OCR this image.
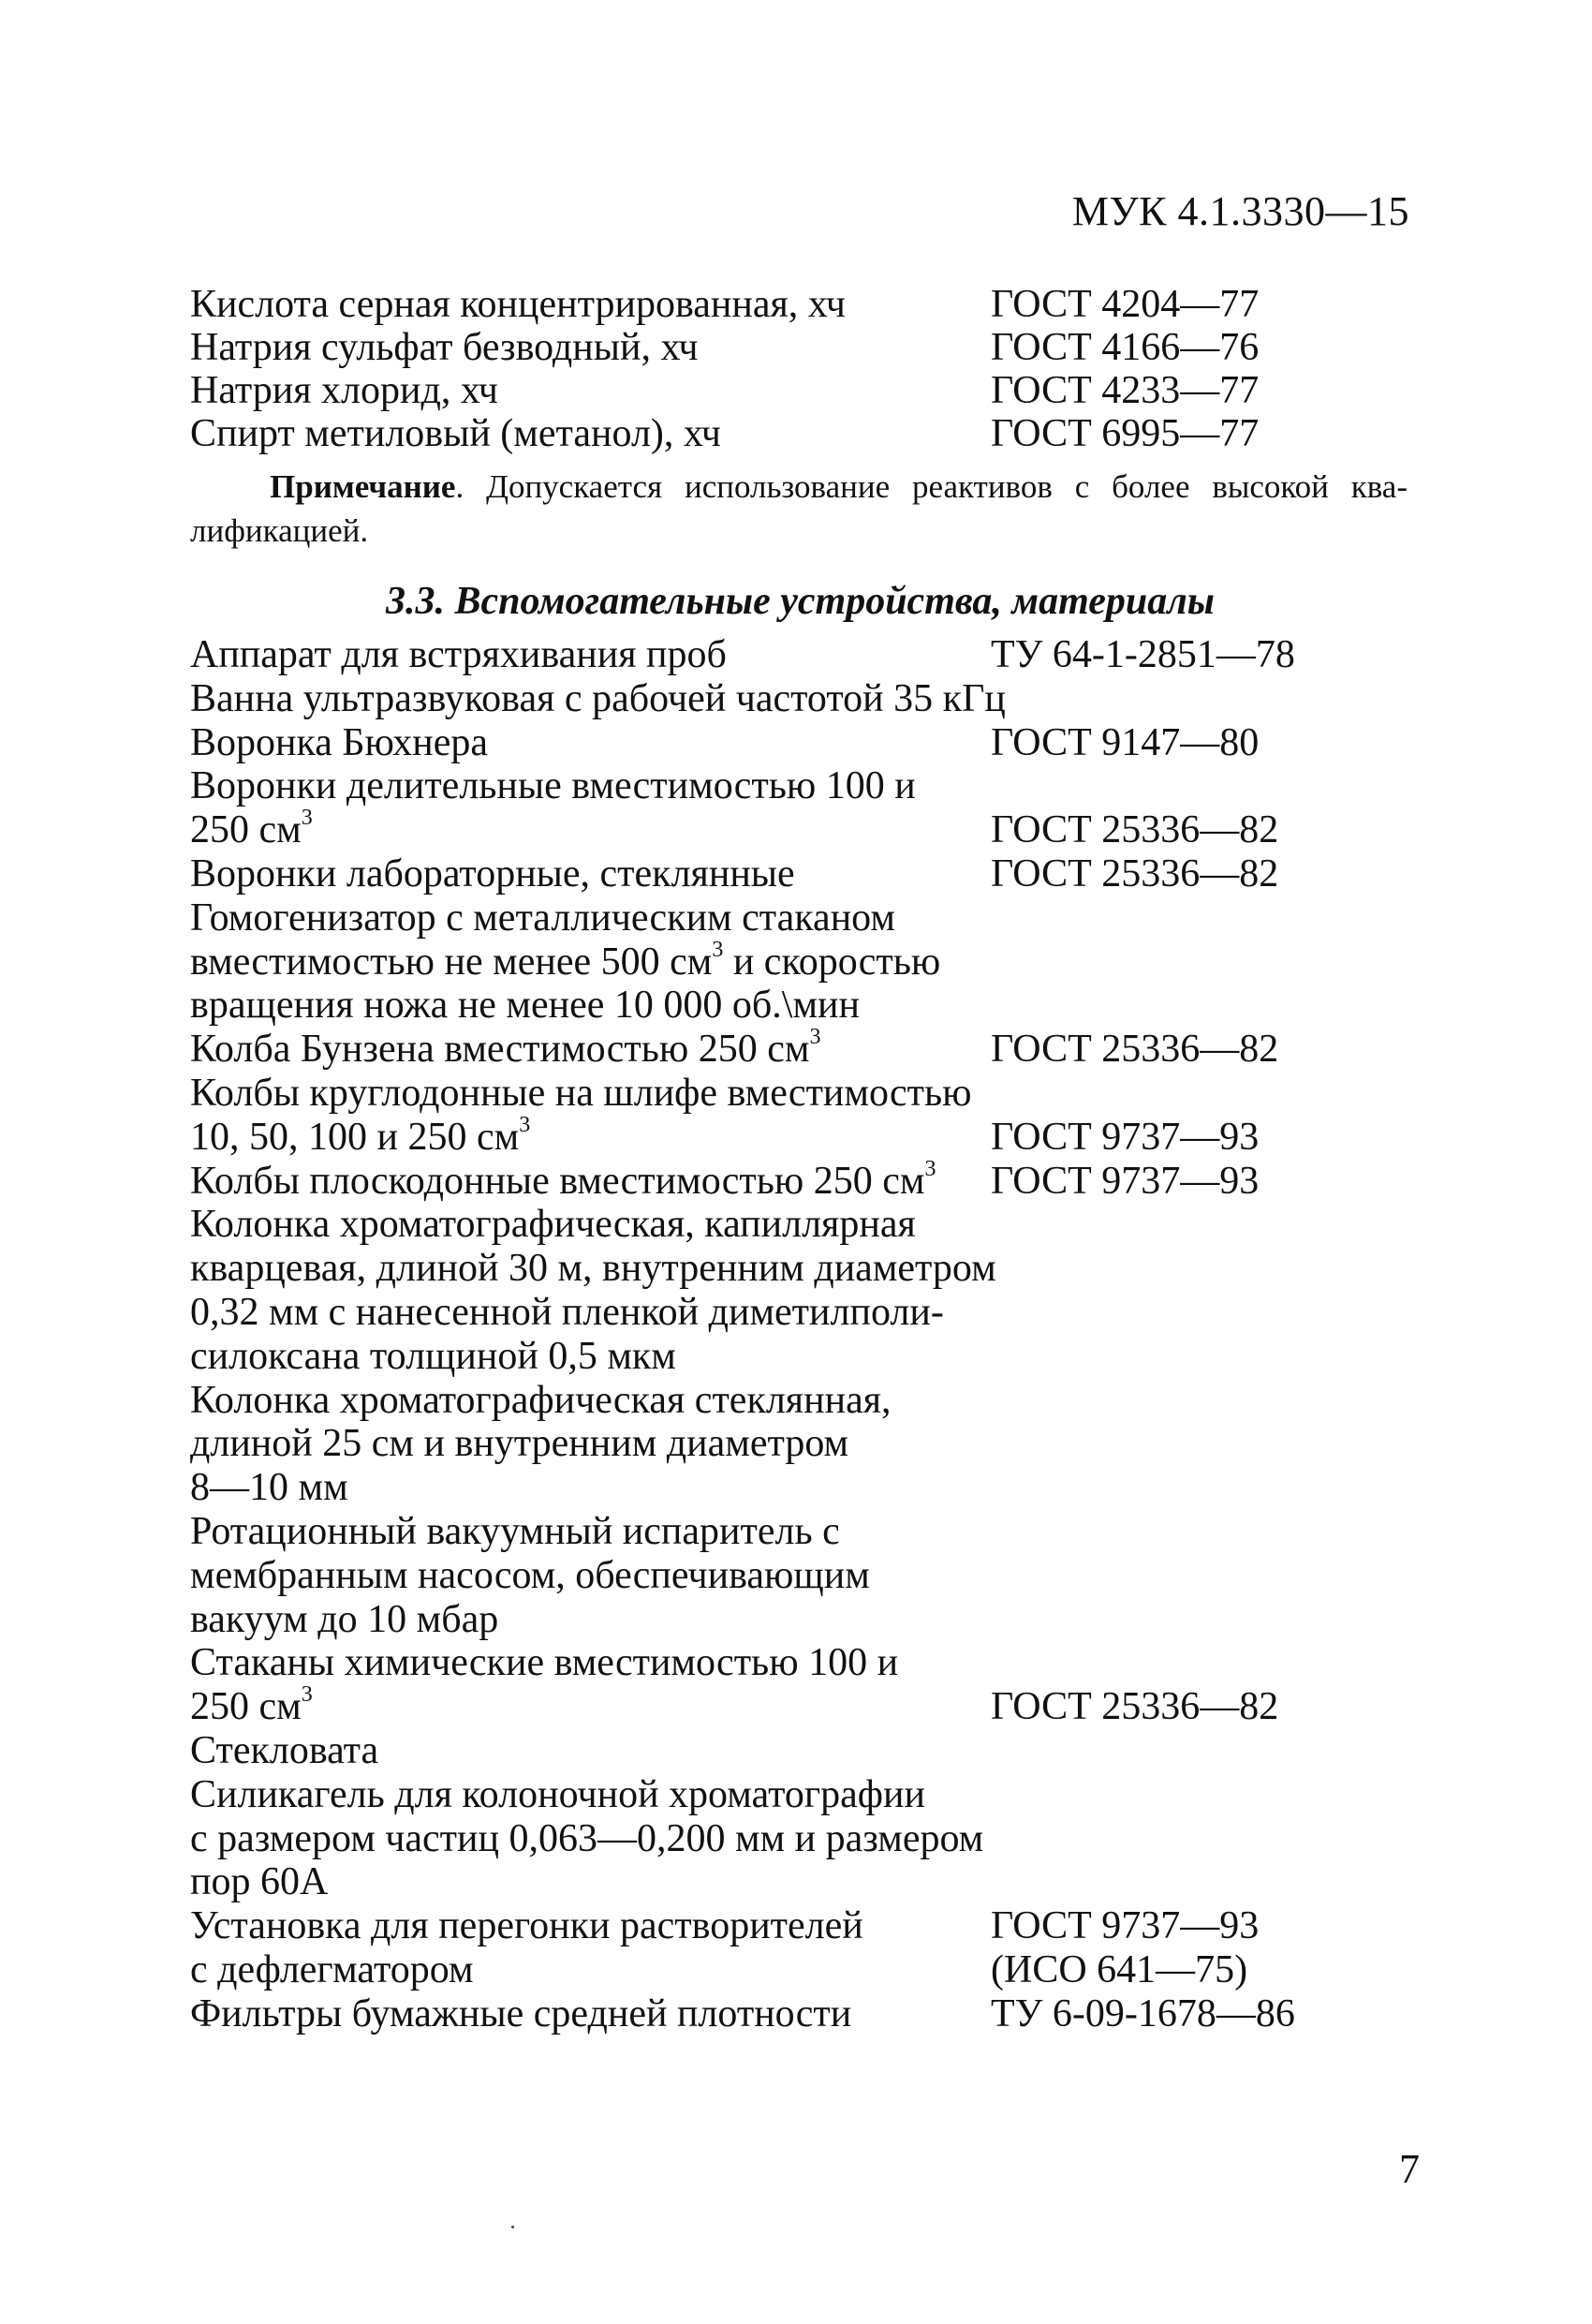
МУК 4.1.3330—15
Кислота серная концентрированная, хч	ГОСТ 4204—77
Натрия сульфат безводный, хч	ГОСТ 4166—76
Натрия хлорид, хч	ГОСТ 4233—77
Спирт метиловый (метанол), хч	ГОСТ 6995—77
Примечание. Допускается использование реактивов с более высокой ква-
лификацией.
3.3. Вспомогательные устройства, материалы
Аппарат для встряхивания проб	ТУ 64-1-2851—78
Ванна ультразвуковая с рабочей частотой 35 кГц
Воронка Бюхнера	ГОСТ 9147—80
Воронки делительные вместимостью 100 и
250 $см^3$	ГОСТ 25336—82
Воронки лабораторные, стеклянные	ГОСТ 25336—82
Гомогенизатор с металлическим стаканом
вместимостью не менее 500 $см^3$ и скоростью
вращения ножа не менее 10 000 об.\мин
Колба Бунзена вместимостью 250 $см^3$	ГОСТ 25336—82
Колбы круглодонные на шлифе вместимостью
10, 50, 100 и 250 $см^3$	ГОСТ 9737—93
Колбы плоскодонные вместимостью 250 $см^3$ ГОСТ 9737—93
Колонка хроматографическая, капиллярная
кварцевая, длиной 30 м, внутренним диаметром
0,32 мм с нанесенной пленкой диметилполи-
силоксана толщиной 0,5 мкм
Колонка хроматографическая стеклянная,
длиной 25 см и внутренним диаметром
8—10 мм
Ротационный вакуумный испаритель с
мембранным насосом, обеспечивающим
вакуум до 10 мбар
Стаканы химические вместимостью 100 и
250 $см^3$	ГОСТ 25336—82
Стекловата
Силикагель для колоночной хроматографии
с размером частиц 0,063—0,200 мм и размером
пор 60А
Установка для перегонки растворителей	ГОСТ 9737—93
с дефлегматором	(ИСО 641—75)
Фильтры бумажные средней плотности	ТУ 6-09-1678—86
7
